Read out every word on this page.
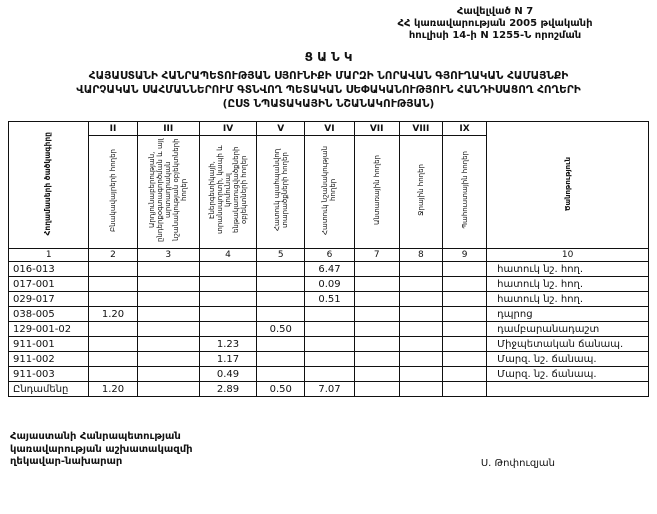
Հավելված N 7
ՀՀ կառավարության 2005 թվականի
հուլիսի 14-ի N 1255-Ն որոշման
Ց Ա Ն Կ
ՀԱՅԱՍՏԱՆԻ ՀԱՆՐԱՊԵՏՈՒԹՅԱՆ ՍՅՈՒՆԻՔԻ ՄԱՐԶԻ ՆՈՐԱՎԱՆ ԳՅՈՒՂԱԿԱՆ ՀԱՄԱՅՆՔԻ
ՎԱՐՉԱԿԱՆ ՍԱՀՄԱՆՆԵՐՈՒՄ ԳՏՆՎՈՂ ՊԵՏԱԿԱՆ ՍԵՓԱԿԱՆՈՒԹՅՈՒՆ ՀԱՆԴԻՍԱՑՈՂ ՀՈՂԵՐԻ
(ԸՍՏ ՆՊԱՏԱԿԱՅԻՆ ՆՇԱՆԱԿՈՒԹՅԱՆ)
Հողամասերի ծածկագիրը	II	III	IV	V	VI	VII	VIII	IX	Ծանոթություն
	Բնակավայրերի հողեր	Արդյունաբերության, ընդերքօգտագործման և այլ արտադրական նշանակության օբյեկտների հողեր	Էներգետիկայի, տրանսպորտի, կապի և կոմունալ ենթակառուցվածքների օբյեկտների հողեր	Հատուկ պահպանվող տարածքների հողեր	Հատուկ նշանակության հողեր	Անտառային հողեր	Ջրային հողեր	Պահուստային հողեր	
1	2	3	4	5	6	7	8	9	10
016-013					6.47				հատուկ նշ. հող.
017-001					0.09				հատուկ նշ. հող.
029-017					0.51				հատուկ նշ. հող.
038-005	1.20								դպրոց
129-001-02				0.50					դամբարանադաշտ
911-001			1.23						Միջպետական ճանապ.
911-002			1.17						Մարզ. նշ. ճանապ.
911-003			0.49						Մարզ. նշ. ճանապ.
Ընդամենը	1.20		2.89	0.50	7.07				
Հայաստանի Հանրապետության
կառավարության աշխատակազմի
ղեկավար-նախարար	Ս. Թոփուզյան
